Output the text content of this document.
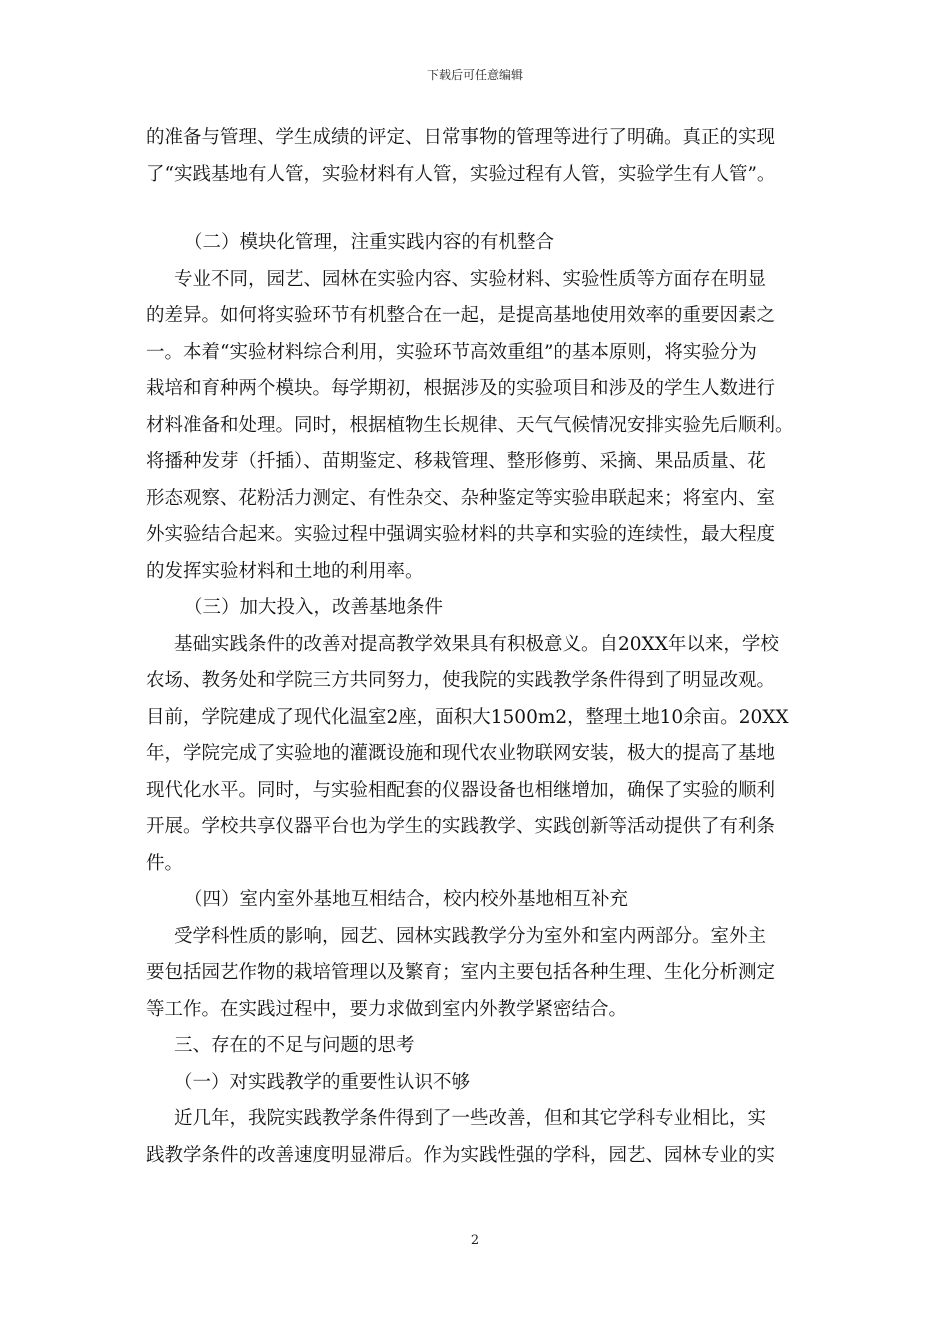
下载后可任意编辑
的准备与管理、学生成绩的评定、日常事物的管理等进行了明确。真正的实现
了“实践基地有人管，实验材料有人管，实验过程有人管，实验学生有人管”。
（二）模块化管理，注重实践内容的有机整合
专业不同，园艺、园林在实验内容、实验材料、实验性质等方面存在明显
的差异。如何将实验环节有机整合在一起，是提高基地使用效率的重要因素之
一。本着“实验材料综合利用，实验环节高效重组”的基本原则，将实验分为
栽培和育种两个模块。每学期初，根据涉及的实验项目和涉及的学生人数进行
材料准备和处理。同时，根据植物生长规律、天气气候情况安排实验先后顺利。
将播种发芽（扦插）、苗期鉴定、移栽管理、整形修剪、采摘、果品质量、花
形态观察、花粉活力测定、有性杂交、杂种鉴定等实验串联起来；将室内、室
外实验结合起来。实验过程中强调实验材料的共享和实验的连续性，最大程度
的发挥实验材料和土地的利用率。
（三）加大投入，改善基地条件
基础实践条件的改善对提高教学效果具有积极意义。自20XX年以来，学校
农场、教务处和学院三方共同努力，使我院的实践教学条件得到了明显改观。
目前，学院建成了现代化温室2座，面积大1500m2，整理土地10余亩。20XX
年，学院完成了实验地的灌溉设施和现代农业物联网安装，极大的提高了基地
现代化水平。同时，与实验相配套的仪器设备也相继增加，确保了实验的顺利
开展。学校共享仪器平台也为学生的实践教学、实践创新等活动提供了有利条
件。
（四）室内室外基地互相结合，校内校外基地相互补充
受学科性质的影响，园艺、园林实践教学分为室外和室内两部分。室外主
要包括园艺作物的栽培管理以及繁育；室内主要包括各种生理、生化分析测定
等工作。在实践过程中，要力求做到室内外教学紧密结合。
三、存在的不足与问题的思考
（一）对实践教学的重要性认识不够
近几年，我院实践教学条件得到了一些改善，但和其它学科专业相比，实
践教学条件的改善速度明显滞后。作为实践性强的学科，园艺、园林专业的实
2
